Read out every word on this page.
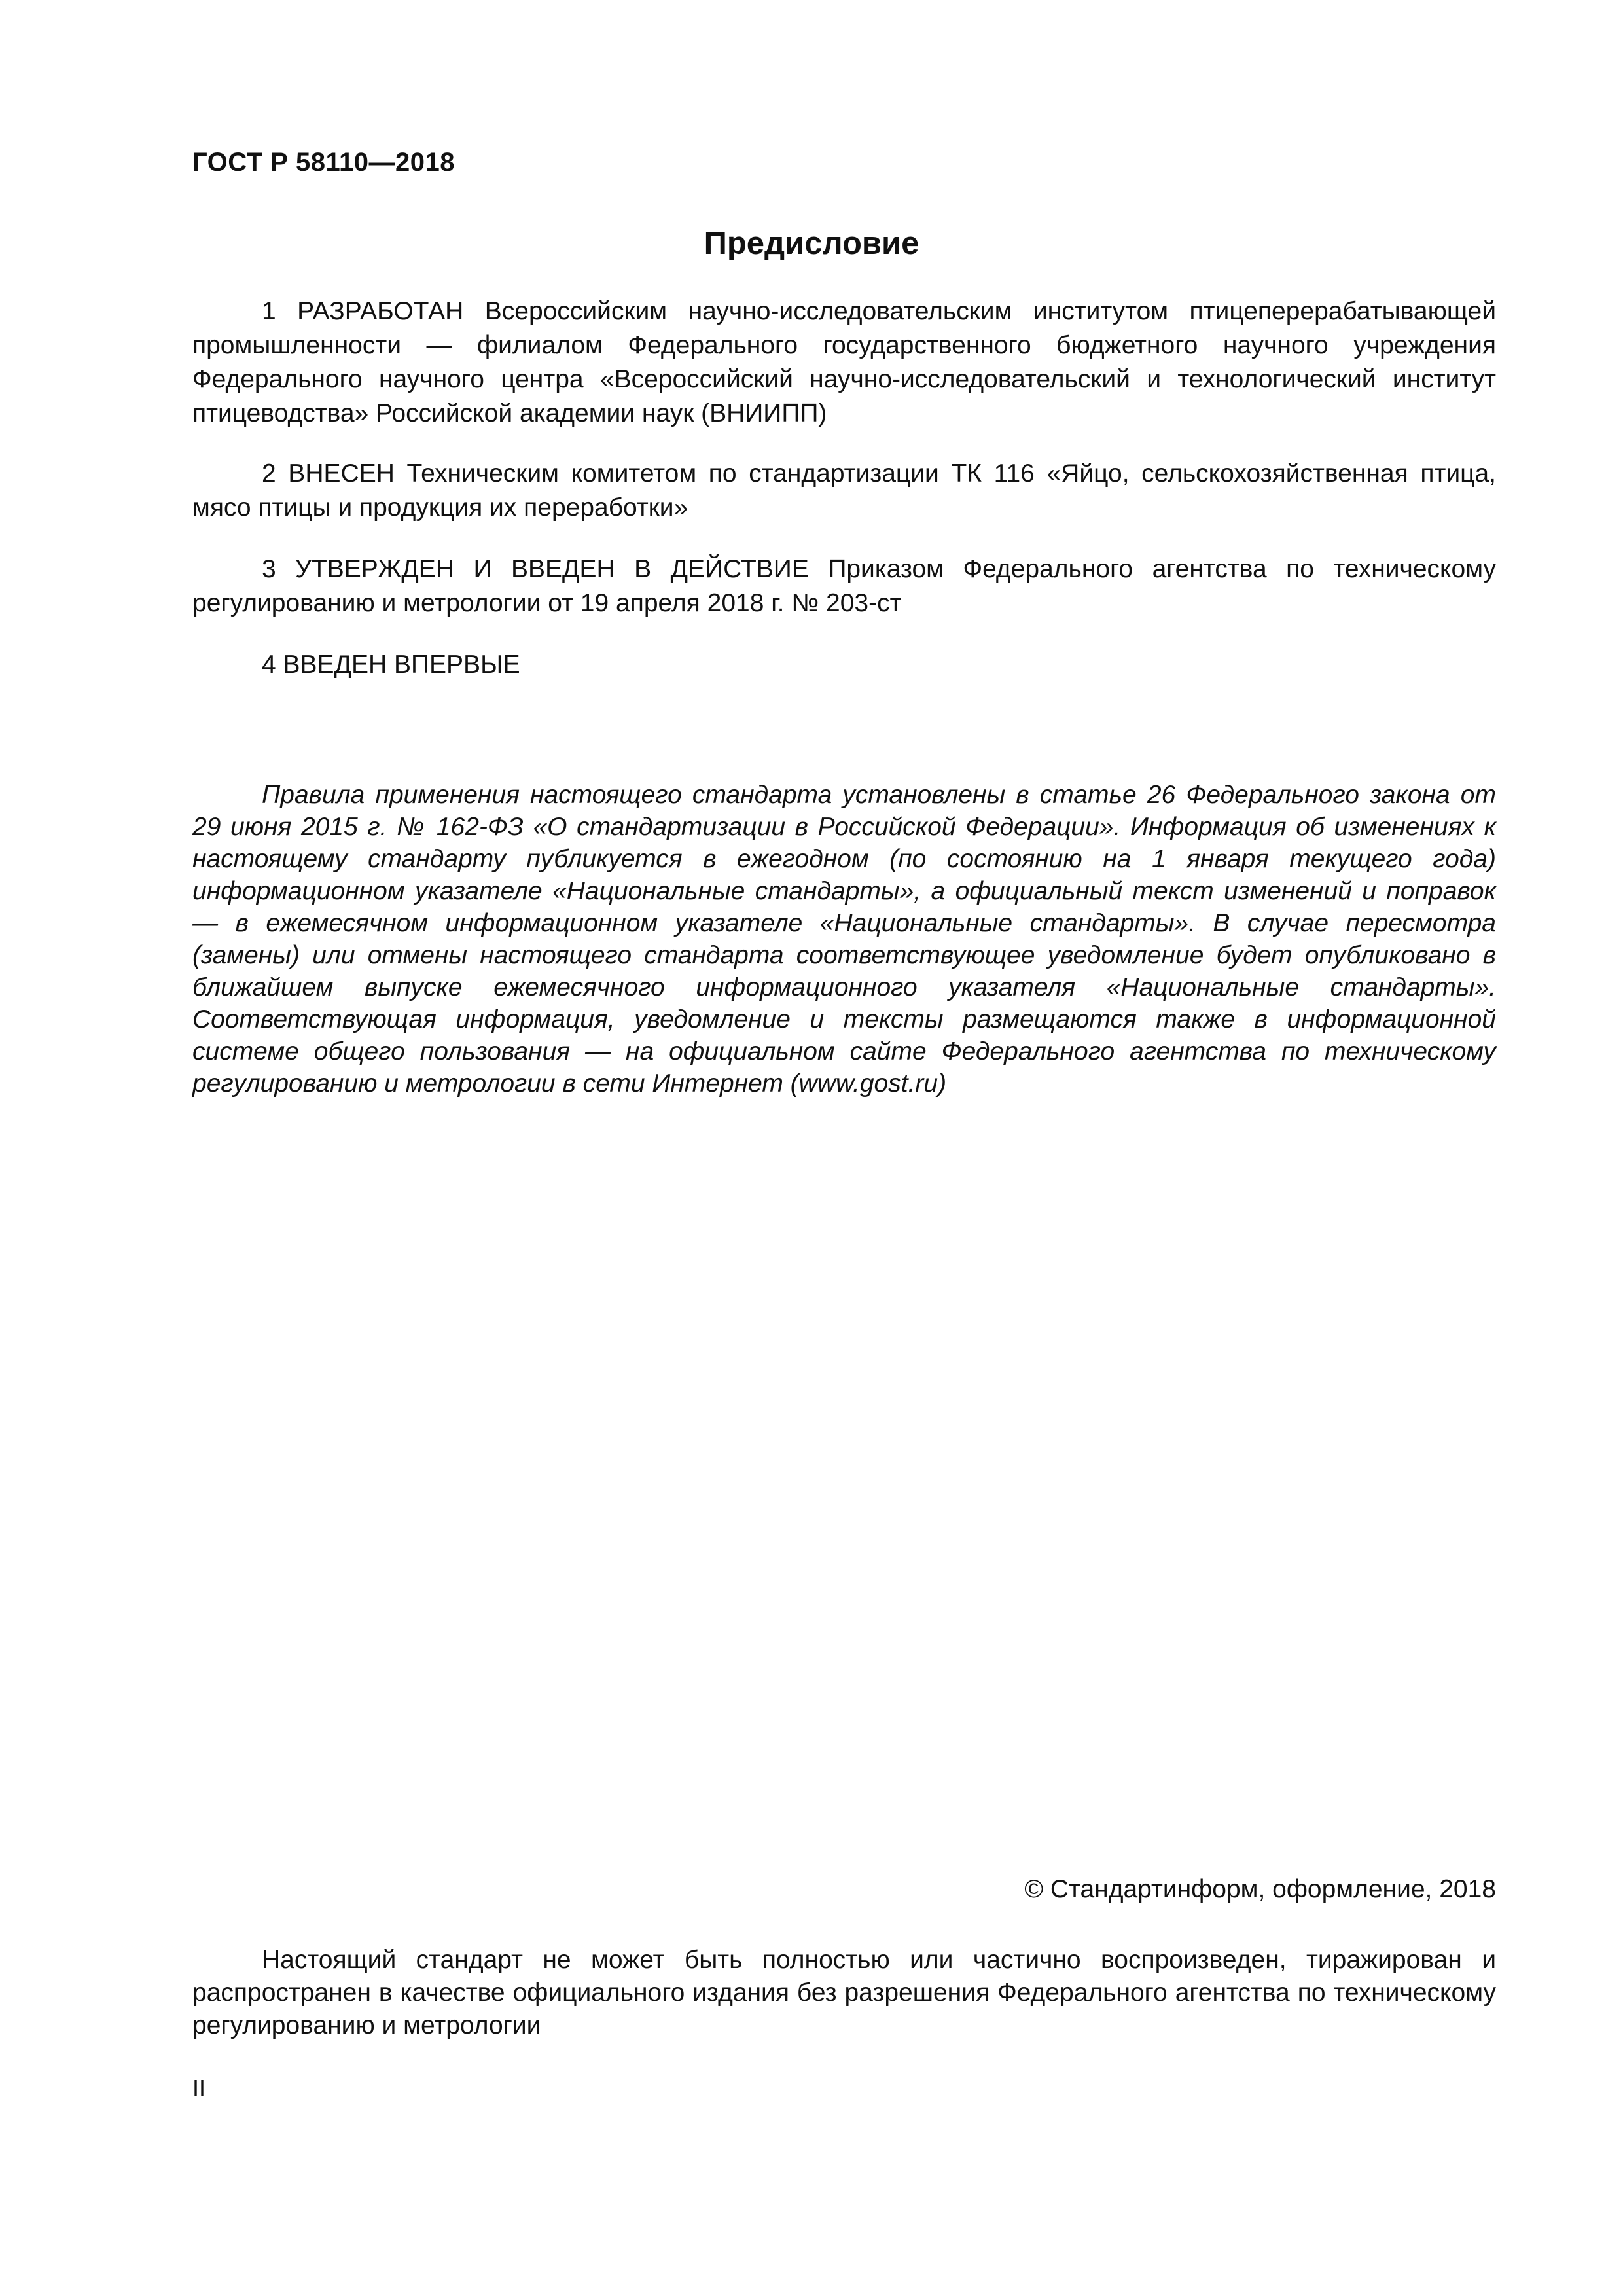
ГОСТ Р 58110—2018
Предисловие

1 РАЗРАБОТАН Всероссийским научно-исследовательским институтом птицеперерабатывающей промышленности — филиалом Федерального государственного бюджетного научного учреждения Федерального научного центра «Всероссийский научно-исследовательский и технологический институт птицеводства» Российской академии наук (ВНИИПП)

2 ВНЕСЕН Техническим комитетом по стандартизации ТК 116 «Яйцо, сельскохозяйственная птица, мясо птицы и продукция их переработки»

3 УТВЕРЖДЕН И ВВЕДЕН В ДЕЙСТВИЕ Приказом Федерального агентства по техническому регулированию и метрологии от 19 апреля 2018 г. № 203-ст

4 ВВЕДЕН ВПЕРВЫЕ

Правила применения настоящего стандарта установлены в статье 26 Федерального закона от 29 июня 2015 г. № 162-ФЗ «О стандартизации в Российской Федерации». Информация об изменениях к настоящему стандарту публикуется в ежегодном (по состоянию на 1 января текущего года) информационном указателе «Национальные стандарты», а официальный текст изменений и поправок — в ежемесячном информационном указателе «Национальные стандарты». В случае пересмотра (замены) или отмены настоящего стандарта соответствующее уведомление будет опубликовано в ближайшем выпуске ежемесячного информационного указателя «Национальные стандарты». Соответствующая информация, уведомление и тексты размещаются также в информационной системе общего пользования — на официальном сайте Федерального агентства по техническому регулированию и метрологии в сети Интернет (www.gost.ru)

© Стандартинформ, оформление, 2018

Настоящий стандарт не может быть полностью или частично воспроизведен, тиражирован и распространен в качестве официального издания без разрешения Федерального агентства по техническому регулированию и метрологии

II
